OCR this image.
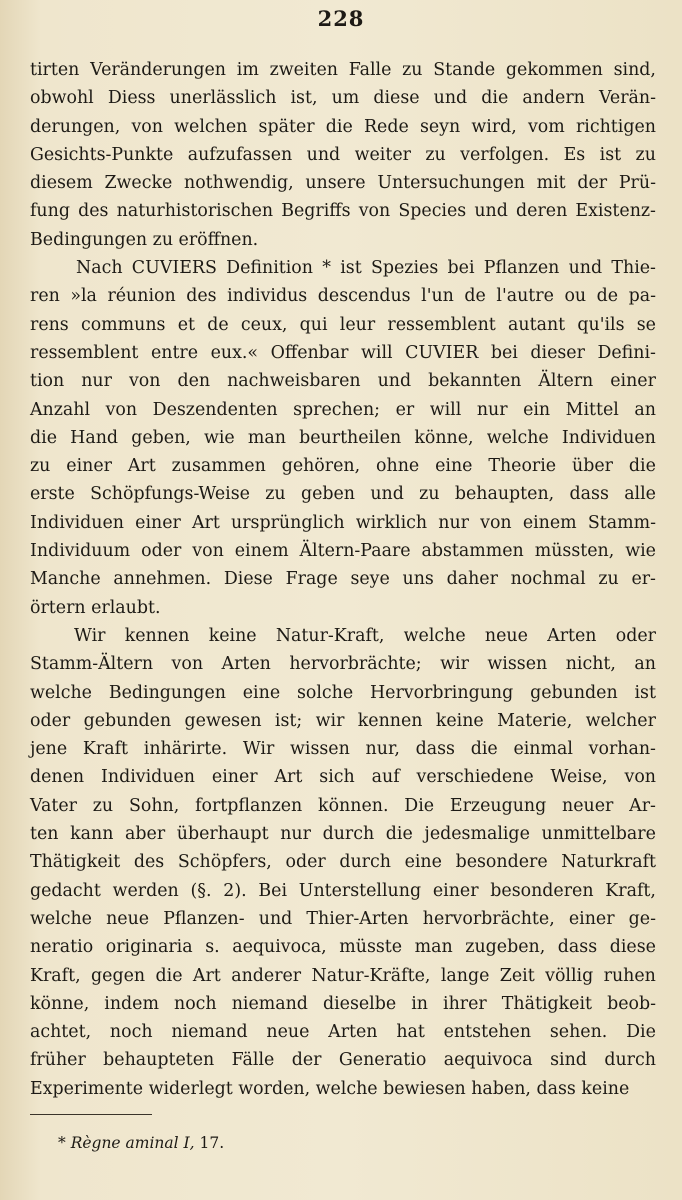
228
tirten Veränderungen im zweiten Falle zu Stande gekommen sind,
obwohl Diess unerlässlich ist, um diese und die andern Verän-
derungen, von welchen später die Rede seyn wird, vom richtigen
Gesichts-Punkte aufzufassen und weiter zu verfolgen. Es ist zu
diesem Zwecke nothwendig, unsere Untersuchungen mit der Prü-
fung des naturhistorischen Begriffs von Species und deren Existenz-
Bedingungen zu eröffnen.
Nach CUVIERS Definition * ist Spezies bei Pflanzen und Thie-
ren »la réunion des individus descendus l'un de l'autre ou de pa-
rens communs et de ceux, qui leur ressemblent autant qu'ils se
ressemblent entre eux.« Offenbar will CUVIER bei dieser Defini-
tion nur von den nachweisbaren und bekannten Ältern einer
Anzahl von Deszendenten sprechen; er will nur ein Mittel an
die Hand geben, wie man beurtheilen könne, welche Individuen
zu einer Art zusammen gehören, ohne eine Theorie über die
erste Schöpfungs-Weise zu geben und zu behaupten, dass alle
Individuen einer Art ursprünglich wirklich nur von einem Stamm-
Individuum oder von einem Ältern-Paare abstammen müssten, wie
Manche annehmen. Diese Frage seye uns daher nochmal zu er-
örtern erlaubt.
Wir kennen keine Natur-Kraft, welche neue Arten oder
Stamm-Ältern von Arten hervorbrächte; wir wissen nicht, an
welche Bedingungen eine solche Hervorbringung gebunden ist
oder gebunden gewesen ist; wir kennen keine Materie, welcher
jene Kraft inhärirte. Wir wissen nur, dass die einmal vorhan-
denen Individuen einer Art sich auf verschiedene Weise, von
Vater zu Sohn, fortpflanzen können. Die Erzeugung neuer Ar-
ten kann aber überhaupt nur durch die jedesmalige unmittelbare
Thätigkeit des Schöpfers, oder durch eine besondere Naturkraft
gedacht werden (§. 2). Bei Unterstellung einer besonderen Kraft,
welche neue Pflanzen- und Thier-Arten hervorbrächte, einer ge-
neratio originaria s. aequivoca, müsste man zugeben, dass diese
Kraft, gegen die Art anderer Natur-Kräfte, lange Zeit völlig ruhen
könne, indem noch niemand dieselbe in ihrer Thätigkeit beob-
achtet, noch niemand neue Arten hat entstehen sehen. Die
früher behaupteten Fälle der Generatio aequivoca sind durch
Experimente widerlegt worden, welche bewiesen haben, dass keine
* Règne aminal I, 17.
